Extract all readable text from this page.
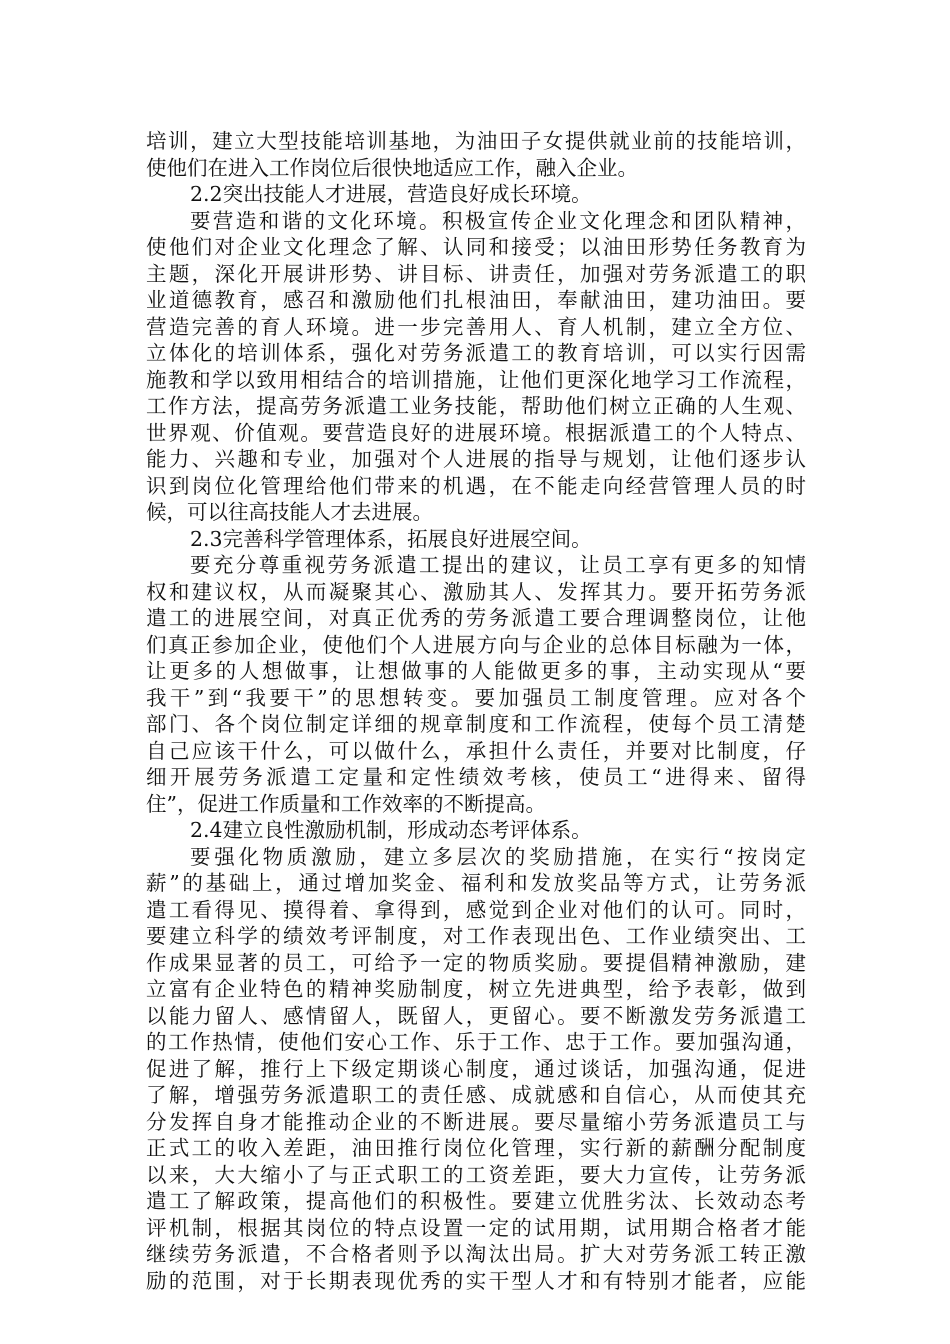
培训，建立大型技能培训基地，为油田子女提供就业前的技能培训，
使他们在进入工作岗位后很快地适应工作，融入企业。
2.2突出技能人才进展，营造良好成长环境。
要营造和谐的文化环境。积极宣传企业文化理念和团队精神，
使他们对企业文化理念了解、认同和接受；以油田形势任务教育为
主题，深化开展讲形势、讲目标、讲责任，加强对劳务派遣工的职
业道德教育，感召和激励他们扎根油田，奉献油田，建功油田。要
营造完善的育人环境。进一步完善用人、育人机制，建立全方位、
立体化的培训体系，强化对劳务派遣工的教育培训，可以实行因需
施教和学以致用相结合的培训措施，让他们更深化地学习工作流程，
工作方法，提高劳务派遣工业务技能，帮助他们树立正确的人生观、
世界观、价值观。要营造良好的进展环境。根据派遣工的个人特点、
能力、兴趣和专业，加强对个人进展的指导与规划，让他们逐步认
识到岗位化管理给他们带来的机遇，在不能走向经营管理人员的时
候，可以往高技能人才去进展。
2.3完善科学管理体系，拓展良好进展空间。
要充分尊重视劳务派遣工提出的建议，让员工享有更多的知情
权和建议权，从而凝聚其心、激励其人、发挥其力。要开拓劳务派
遣工的进展空间，对真正优秀的劳务派遣工要合理调整岗位，让他
们真正参加企业，使他们个人进展方向与企业的总体目标融为一体，
让更多的人想做事，让想做事的人能做更多的事，主动实现从“要
我干”到“我要干”的思想转变。要加强员工制度管理。应对各个
部门、各个岗位制定详细的规章制度和工作流程，使每个员工清楚
自己应该干什么，可以做什么，承担什么责任，并要对比制度，仔
细开展劳务派遣工定量和定性绩效考核，使员工“进得来、留得
住”，促进工作质量和工作效率的不断提高。
2.4建立良性激励机制，形成动态考评体系。
要强化物质激励，建立多层次的奖励措施，在实行“按岗定
薪”的基础上，通过增加奖金、福利和发放奖品等方式，让劳务派
遣工看得见、摸得着、拿得到，感觉到企业对他们的认可。同时，
要建立科学的绩效考评制度，对工作表现出色、工作业绩突出、工
作成果显著的员工，可给予一定的物质奖励。要提倡精神激励，建
立富有企业特色的精神奖励制度，树立先进典型，给予表彰，做到
以能力留人、感情留人，既留人，更留心。要不断激发劳务派遣工
的工作热情，使他们安心工作、乐于工作、忠于工作。要加强沟通，
促进了解，推行上下级定期谈心制度，通过谈话，加强沟通，促进
了解，增强劳务派遣职工的责任感、成就感和自信心，从而使其充
分发挥自身才能推动企业的不断进展。要尽量缩小劳务派遣员工与
正式工的收入差距，油田推行岗位化管理，实行新的薪酬分配制度
以来，大大缩小了与正式职工的工资差距，要大力宣传，让劳务派
遣工了解政策，提高他们的积极性。要建立优胜劣汰、长效动态考
评机制，根据其岗位的特点设置一定的试用期，试用期合格者才能
继续劳务派遣，不合格者则予以淘汰出局。扩大对劳务派工转正激
励的范围，对于长期表现优秀的实干型人才和有特别才能者，应能
